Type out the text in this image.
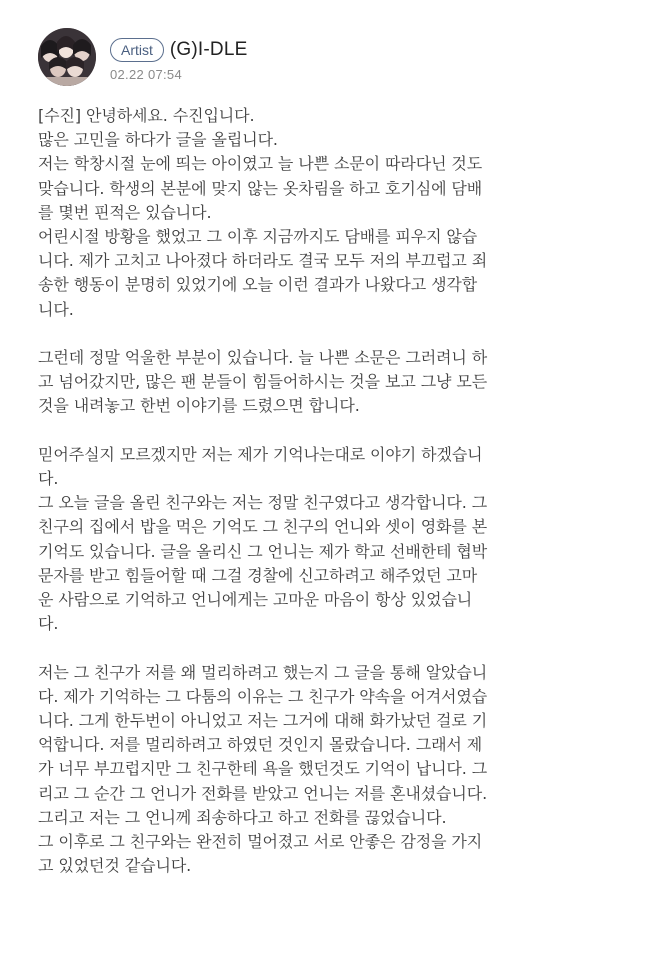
Artist (G)I-DLE
02.22 07:54
[수진] 안녕하세요. 수진입니다.
많은 고민을 하다가 글을 올립니다.
저는 학창시절 눈에 띄는 아이였고 늘 나쁜 소문이 따라다닌 것도
맞습니다. 학생의 본분에 맞지 않는 옷차림을 하고 호기심에 담배
를 몇번 핀적은 있습니다.
어린시절 방황을 했었고 그 이후 지금까지도 담배를 피우지 않습
니다. 제가 고치고 나아졌다 하더라도 결국 모두 저의 부끄럽고 죄
송한 행동이 분명히 있었기에 오늘 이런 결과가 나왔다고 생각합
니다.

그런데 정말 억울한 부분이 있습니다. 늘 나쁜 소문은 그러려니 하
고 넘어갔지만, 많은 팬 분들이 힘들어하시는 것을 보고 그냥 모든
것을 내려놓고 한번 이야기를 드렸으면 합니다.

믿어주실지 모르겠지만 저는 제가 기억나는대로 이야기 하겠습니
다.
그 오늘 글을 올린 친구와는 저는 정말 친구였다고 생각합니다. 그
친구의 집에서 밥을 먹은 기억도 그 친구의 언니와 셋이 영화를 본
기억도 있습니다. 글을 올리신 그 언니는 제가 학교 선배한테 협박
문자를 받고 힘들어할 때 그걸 경찰에 신고하려고 해주었던 고마
운 사람으로 기억하고 언니에게는 고마운 마음이 항상 있었습니
다.

저는 그 친구가 저를 왜 멀리하려고 했는지 그 글을 통해 알았습니
다. 제가 기억하는 그 다툼의 이유는 그 친구가 약속을 어겨서였습
니다. 그게 한두번이 아니었고 저는 그거에 대해 화가났던 걸로 기
억합니다. 저를 멀리하려고 하였던 것인지 몰랐습니다. 그래서 제
가 너무 부끄럽지만 그 친구한테 욕을 했던것도 기억이 납니다. 그
리고 그 순간 그 언니가 전화를 받았고 언니는 저를 혼내셨습니다.
그리고 저는 그 언니께 죄송하다고 하고 전화를 끊었습니다.
그 이후로 그 친구와는 완전히 멀어졌고 서로 안좋은 감정을 가지
고 있었던것 같습니다.
